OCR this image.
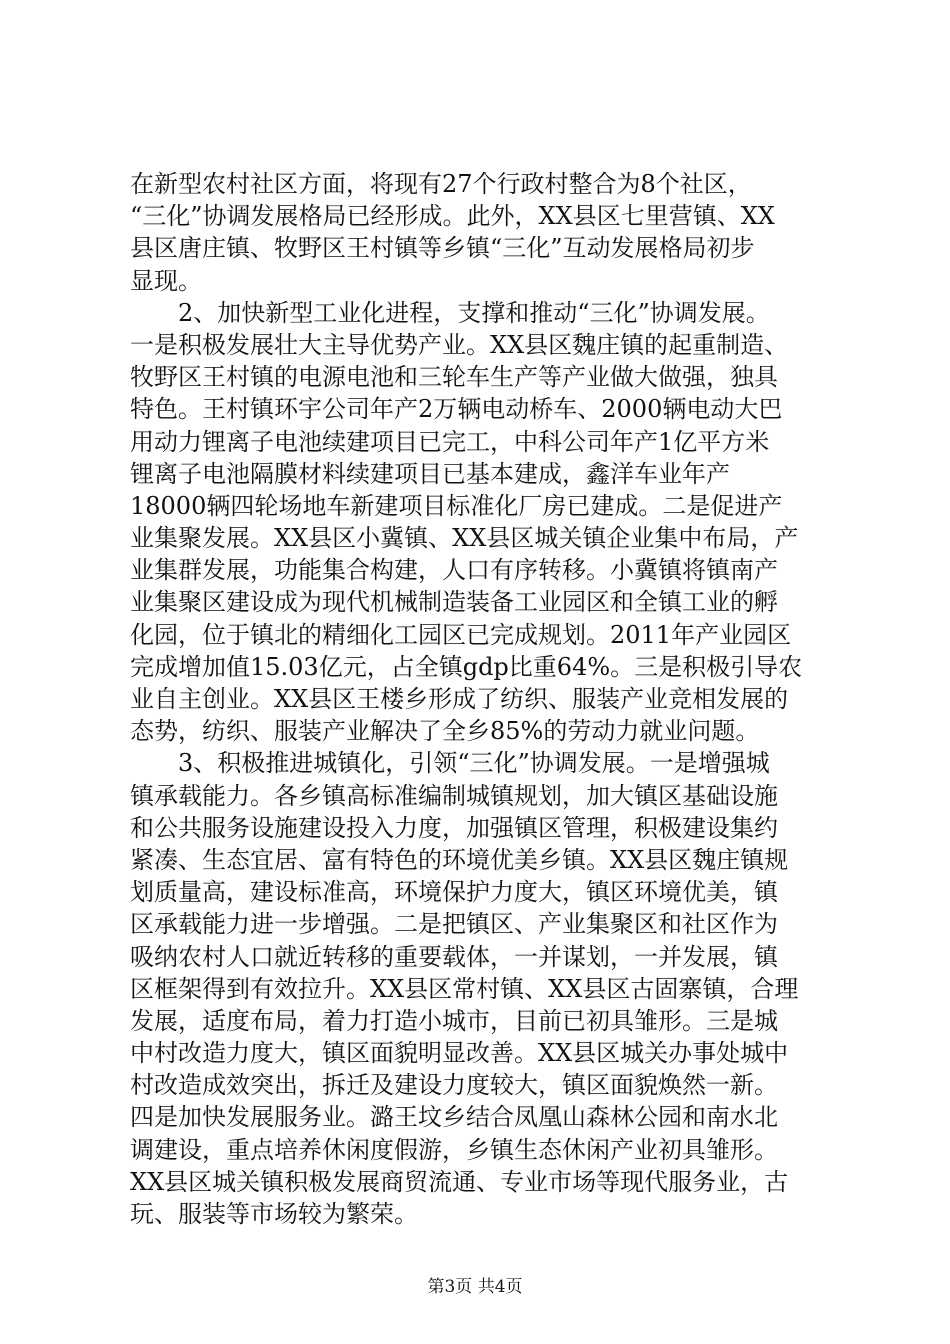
在新型农村社区方面，将现有27个行政村整合为8个社区，
“三化”协调发展格局已经形成。此外，XX县区七里营镇、XX
县区唐庄镇、牧野区王村镇等乡镇“三化”互动发展格局初步
显现。
2、加快新型工业化进程，支撑和推动“三化”协调发展。
一是积极发展壮大主导优势产业。XX县区魏庄镇的起重制造、
牧野区王村镇的电源电池和三轮车生产等产业做大做强，独具
特色。王村镇环宇公司年产2万辆电动桥车、2000辆电动大巴
用动力锂离子电池续建项目已完工，中科公司年产1亿平方米
锂离子电池隔膜材料续建项目已基本建成，鑫洋车业年产
18000辆四轮场地车新建项目标准化厂房已建成。二是促进产
业集聚发展。XX县区小冀镇、XX县区城关镇企业集中布局，产
业集群发展，功能集合构建，人口有序转移。小冀镇将镇南产
业集聚区建设成为现代机械制造装备工业园区和全镇工业的孵
化园，位于镇北的精细化工园区已完成规划。2011年产业园区
完成增加值15.03亿元，占全镇gdp比重64%。三是积极引导农
业自主创业。XX县区王楼乡形成了纺织、服装产业竞相发展的
态势，纺织、服装产业解决了全乡85%的劳动力就业问题。
3、积极推进城镇化，引领“三化”协调发展。一是增强城
镇承载能力。各乡镇高标准编制城镇规划，加大镇区基础设施
和公共服务设施建设投入力度，加强镇区管理，积极建设集约
紧凑、生态宜居、富有特色的环境优美乡镇。XX县区魏庄镇规
划质量高，建设标准高，环境保护力度大，镇区环境优美，镇
区承载能力进一步增强。二是把镇区、产业集聚区和社区作为
吸纳农村人口就近转移的重要载体，一并谋划，一并发展，镇
区框架得到有效拉升。XX县区常村镇、XX县区古固寨镇，合理
发展，适度布局，着力打造小城市，目前已初具雏形。三是城
中村改造力度大，镇区面貌明显改善。XX县区城关办事处城中
村改造成效突出，拆迁及建设力度较大，镇区面貌焕然一新。
四是加快发展服务业。潞王坟乡结合凤凰山森林公园和南水北
调建设，重点培养休闲度假游，乡镇生态休闲产业初具雏形。
XX县区城关镇积极发展商贸流通、专业市场等现代服务业，古
玩、服装等市场较为繁荣。
第3页 共4页
